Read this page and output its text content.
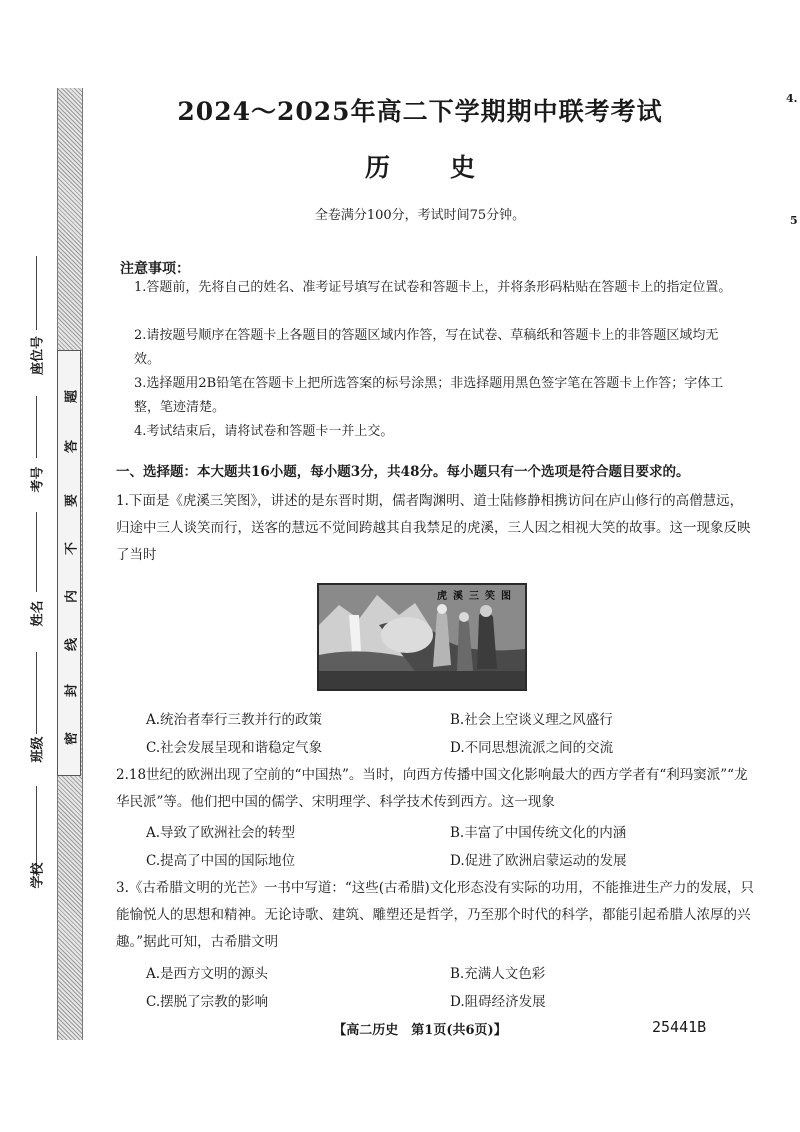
题
答
要
不
内
线
封
密
座位号
考号
姓名
班级
学校
2024～2025年高二下学期期中联考考试
历史
全卷满分100分，考试时间75分钟。
注意事项：
1.答题前，先将自己的姓名、准考证号填写在试卷和答题卡上，并将条形码粘贴在答题卡上的指定位置。
2.请按题号顺序在答题卡上各题目的答题区域内作答，写在试卷、草稿纸和答题卡上的非答题区域均无效。
3.选择题用2B铅笔在答题卡上把所选答案的标号涂黑；非选择题用黑色签字笔在答题卡上作答；字体工整，笔迹清楚。
4.考试结束后，请将试卷和答题卡一并上交。
一、选择题：本大题共16小题，每小题3分，共48分。每小题只有一个选项是符合题目要求的。
1.下面是《虎溪三笑图》，讲述的是东晋时期，儒者陶渊明、道士陆修静相携访问在庐山修行的高僧慧远，归途中三人谈笑而行，送客的慧远不觉间跨越其自我禁足的虎溪，三人因之相视大笑的故事。这一现象反映了当时
虎溪三笑图
A.统治者奉行三教并行的政策	B.社会上空谈义理之风盛行
C.社会发展呈现和谐稳定气象	D.不同思想流派之间的交流
2.18世纪的欧洲出现了空前的“中国热”。当时，向西方传播中国文化影响最大的西方学者有“利玛窦派”“龙华民派”等。他们把中国的儒学、宋明理学、科学技术传到西方。这一现象
A.导致了欧洲社会的转型	B.丰富了中国传统文化的内涵
C.提高了中国的国际地位	D.促进了欧洲启蒙运动的发展
3.《古希腊文明的光芒》一书中写道：“这些(古希腊)文化形态没有实际的功用，不能推进生产力的发展，只能愉悦人的思想和精神。无论诗歌、建筑、雕塑还是哲学，乃至那个时代的科学，都能引起希腊人浓厚的兴趣。”据此可知，古希腊文明
A.是西方文明的源头	B.充满人文色彩
C.摆脱了宗教的影响	D.阻碍经济发展
【高二历史　第1页(共6页)】	25441B
4.
5
